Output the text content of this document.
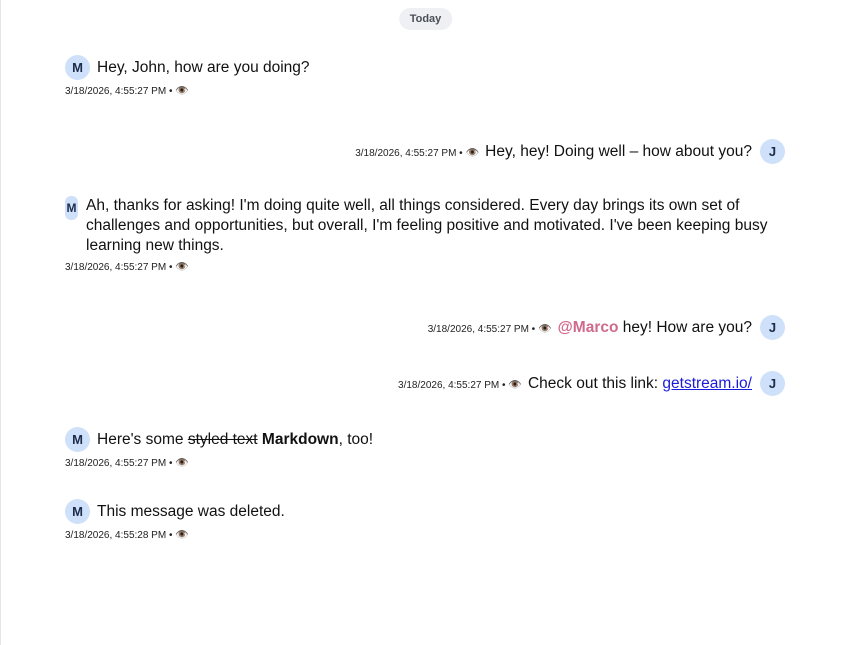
Today
M Hey, John, how are you doing?
3/18/2026, 4:55:27 PM • 👁️
3/18/2026, 4:55:27 PM • 👁️ Hey, hey! Doing well – how about you?	J
M Ah, thanks for asking! I'm doing quite well, all things considered. Every day brings its own set of challenges and opportunities, but overall, I'm feeling positive and motivated. I've been keeping busy learning new things.
3/18/2026, 4:55:27 PM • 👁️
3/18/2026, 4:55:27 PM • 👁️ @Marco hey! How are you?	J
3/18/2026, 4:55:27 PM • 👁️ Check out this link: getstream.io/	J
M Here's some styled text Markdown, too!
3/18/2026, 4:55:27 PM • 👁️
M This message was deleted.
3/18/2026, 4:55:28 PM • 👁️
